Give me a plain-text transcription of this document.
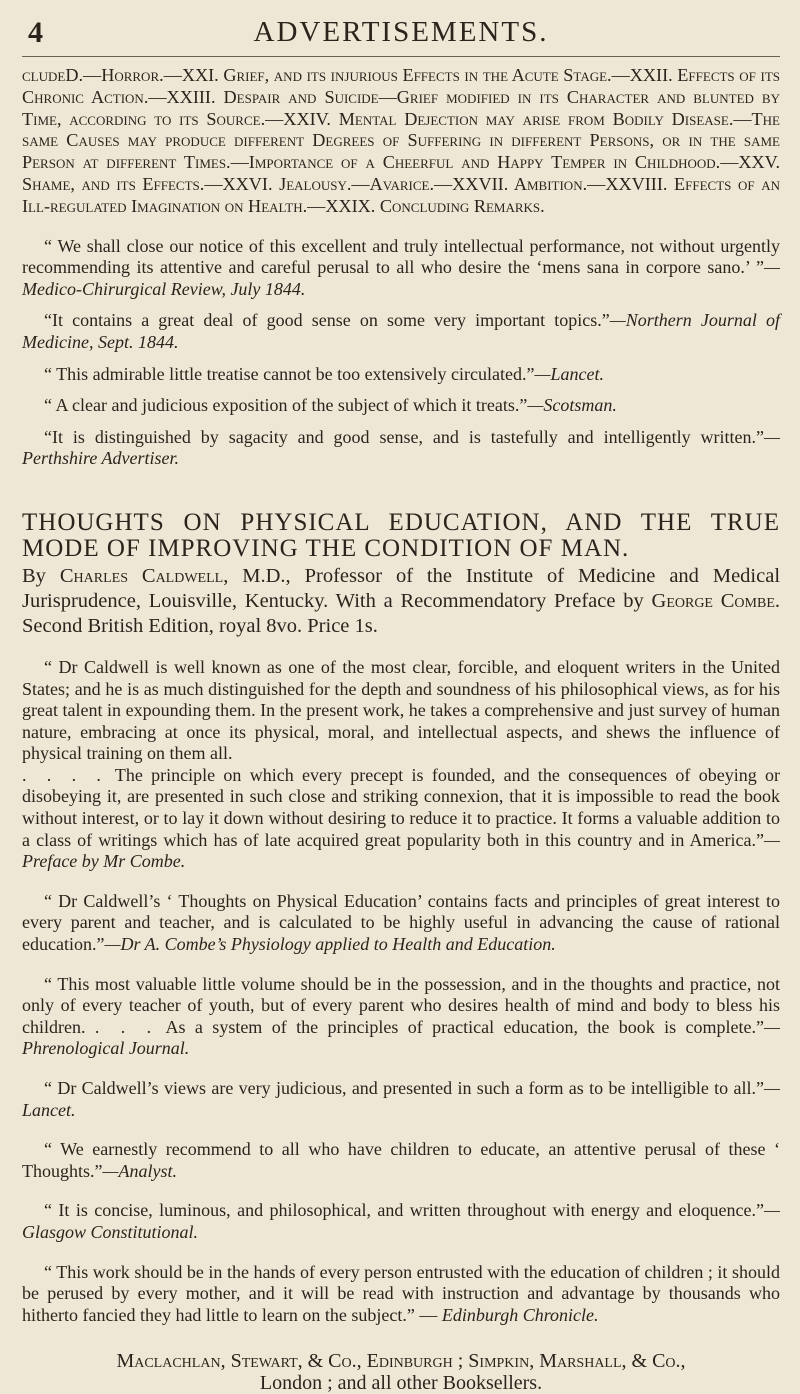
4	ADVERTISEMENTS.

cludeD.—Horror.—XXI. Grief, and its injurious Effects in the Acute Stage.—XXII. Effects of its Chronic Action.—XXIII. Despair and Suicide—Grief modified in its Character and blunted by Time, according to its Source.—XXIV. Mental Dejection may arise from Bodily Disease.—The same Causes may produce different Degrees of Suffering in different Persons, or in the same Person at different Times.—Importance of a Cheerful and Happy Temper in Childhood.—XXV. Shame, and its Effects.—XXVI. Jealousy.—Avarice.—XXVII. Ambition.—XXVIII. Effects of an Ill-regulated Imagination on Health.—XXIX. Concluding Remarks.

“ We shall close our notice of this excellent and truly intellectual performance, not without urgently recommending its attentive and careful perusal to all who desire the ‘mens sana in corpore sano.’ ”—Medico-Chirurgical Review, July 1844.

“It contains a great deal of good sense on some very important topics.”—Northern Journal of Medicine, Sept. 1844.

“ This admirable little treatise cannot be too extensively circulated.”—Lancet.

“ A clear and judicious exposition of the subject of which it treats.”—Scotsman.

“It is distinguished by sagacity and good sense, and is tastefully and intelligently written.”—Perthshire Advertiser.

THOUGHTS ON PHYSICAL EDUCATION, AND THE TRUE MODE OF IMPROVING THE CONDITION OF MAN.

By Charles Caldwell, M.D., Professor of the Institute of Medicine and Medical Jurisprudence, Louisville, Kentucky. With a Recommendatory Preface by George Combe. Second British Edition, royal 8vo. Price 1s.

“ Dr Caldwell is well known as one of the most clear, forcible, and eloquent writers in the United States; and he is as much distinguished for the depth and soundness of his philosophical views, as for his great talent in expounding them. In the present work, he takes a comprehensive and just survey of human nature, embracing at once its physical, moral, and intellectual aspects, and shews the influence of physical training on them all.
. . . . The principle on which every precept is founded, and the consequences of obeying or disobeying it, are presented in such close and striking connexion, that it is impossible to read the book without interest, or to lay it down without desiring to reduce it to practice. It forms a valuable addition to a class of writings which has of late acquired great popularity both in this country and in America.”—Preface by Mr Combe.

“ Dr Caldwell’s ‘ Thoughts on Physical Education’ contains facts and principles of great interest to every parent and teacher, and is calculated to be highly useful in advancing the cause of rational education.”—Dr A. Combe’s Physiology applied to Health and Education.

“ This most valuable little volume should be in the possession, and in the thoughts and practice, not only of every teacher of youth, but of every parent who desires health of mind and body to bless his children. . . . As a system of the principles of practical education, the book is complete.”—Phrenological Journal.

“ Dr Caldwell’s views are very judicious, and presented in such a form as to be intelligible to all.”—Lancet.

“ We earnestly recommend to all who have children to educate, an attentive perusal of these ‘ Thoughts.”—Analyst.

“ It is concise, luminous, and philosophical, and written throughout with energy and eloquence.”—Glasgow Constitutional.

“ This work should be in the hands of every person entrusted with the education of children ; it should be perused by every mother, and it will be read with instruction and advantage by thousands who hitherto fancied they had little to learn on the subject.” — Edinburgh Chronicle.

Maclachlan, Stewart, & Co., Edinburgh ; Simpkin, Marshall, & Co.,
London ; and all other Booksellers.
